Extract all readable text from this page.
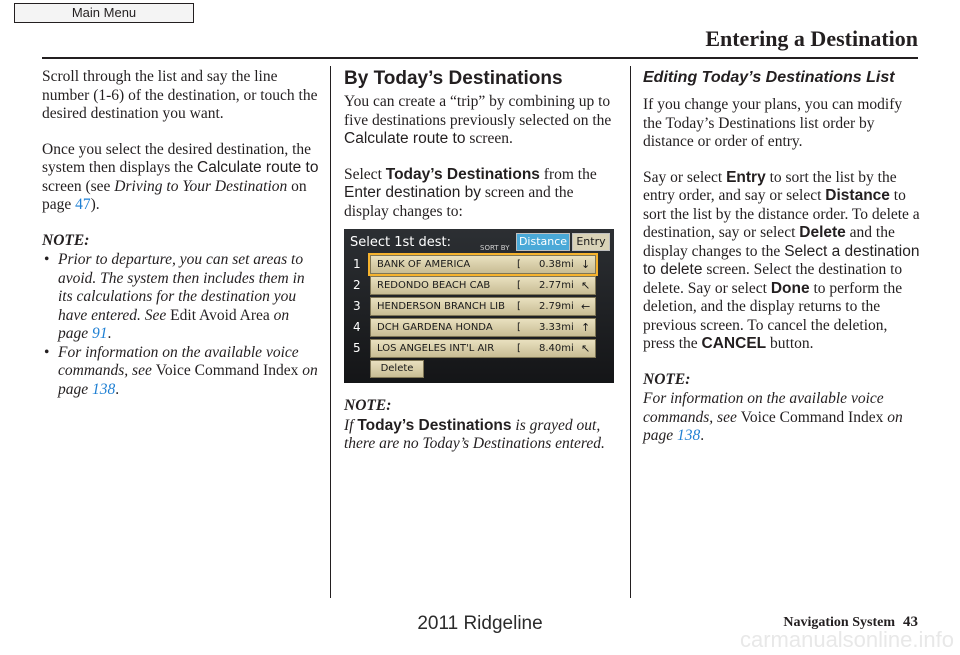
Main Menu
Entering a Destination

Scroll through the list and say the line number (1-6) of the destination, or touch the desired destination you want.

Once you select the desired destination, the system then displays the Calculate route to screen (see Driving to Your Destination on page 47).

NOTE:
• Prior to departure, you can set areas to avoid. The system then includes them in its calculations for the destination you have entered. See Edit Avoid Area on page 91.
• For information on the available voice commands, see Voice Command Index on page 138.
By Today’s Destinations

You can create a “trip” by combining up to five destinations previously selected on the Calculate route to screen.

Select Today’s Destinations from the Enter destination by screen and the display changes to:

Select 1st dest:	SORT BY Distance Entry
1 BANK OF AMERICA	[ 0.38mi ↓
2 REDONDO BEACH CAB	[ 2.77mi ↖
3 HENDERSON BRANCH LIB [ 2.79mi ←
4 DCH GARDENA HONDA [ 3.33mi ↑
5 LOS ANGELES INT'L AIR [ 8.40mi ↖
Delete
NOTE:

If Today’s Destinations is grayed out, there are no Today’s Destinations entered.

Editing Today’s Destinations List

If you change your plans, you can modify the Today’s Destinations list order by distance or order of entry.

Say or select Entry to sort the list by the entry order, and say or select Distance to sort the list by the distance order. To delete a destination, say or select Delete and the display changes to the Select a destination to delete screen. Select the destination to delete. Say or select Done to perform the deletion, and the display returns to the previous screen. To cancel the deletion, press the CANCEL button.

NOTE:

For information on the available voice commands, see Voice Command Index on page 138.

Navigation System 43
2011 Ridgeline
carmanualsonline.info
